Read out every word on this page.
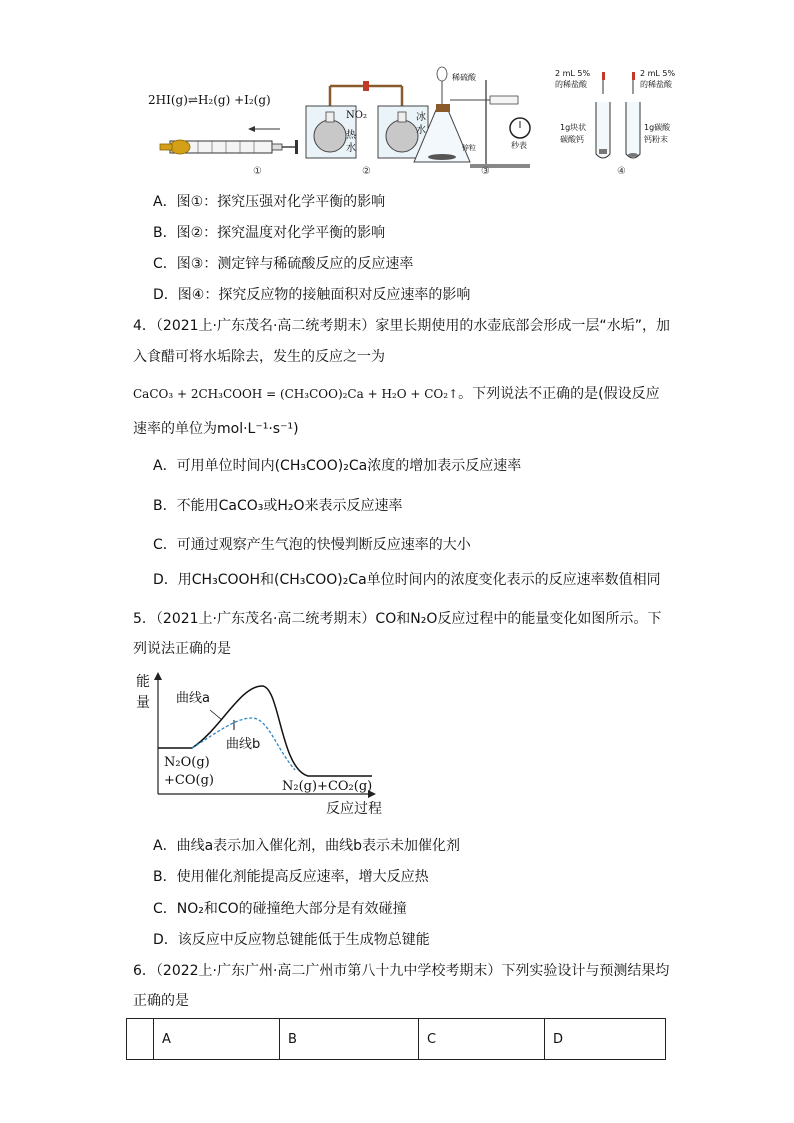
2HI(g)⇌H₂(g) +I₂(g)
①
NO₂
热
水
冰
水
②
稀硫酸
锌粒	秒表
③
2 mL 5%
的稀盐酸
2 mL 5%
的稀盐酸
1g块状
碳酸钙
1g碳酸
钙粉末
④
A．图①：探究压强对化学平衡的影响
B．图②：探究温度对化学平衡的影响
C．图③：测定锌与稀硫酸反应的反应速率
D．图④：探究反应物的接触面积对反应速率的影响
4．（2021上·广东茂名·高二统考期末）家里长期使用的水壶底部会形成一层“水垢”，加
入食醋可将水垢除去，发生的反应之一为
CaCO₃ + 2CH₃COOH = (CH₃COO)₂Ca + H₂O + CO₂↑。下列说法不正确的是(假设反应
速率的单位为mol·L⁻¹·s⁻¹)
A．可用单位时间内(CH₃COO)₂Ca浓度的增加表示反应速率
B．不能用CaCO₃或H₂O来表示反应速率
C．可通过观察产生气泡的快慢判断反应速率的大小
D．用CH₃COOH和(CH₃COO)₂Ca单位时间内的浓度变化表示的反应速率数值相同
5．（2021上·广东茂名·高二统考期末）CO和N₂O反应过程中的能量变化如图所示。下
列说法正确的是
能
量 曲线a
曲线b
N₂O(g)
+CO(g)	N₂(g)+CO₂(g)
反应过程
A．曲线a表示加入催化剂，曲线b表示未加催化剂
B．使用催化剂能提高反应速率，增大反应热
C．NO₂和CO的碰撞绝大部分是有效碰撞
D．该反应中反应物总键能低于生成物总键能
6．（2022上·广东广州·高二广州市第八十九中学校考期末）下列实验设计与预测结果均
正确的是
	A	B	C	D
